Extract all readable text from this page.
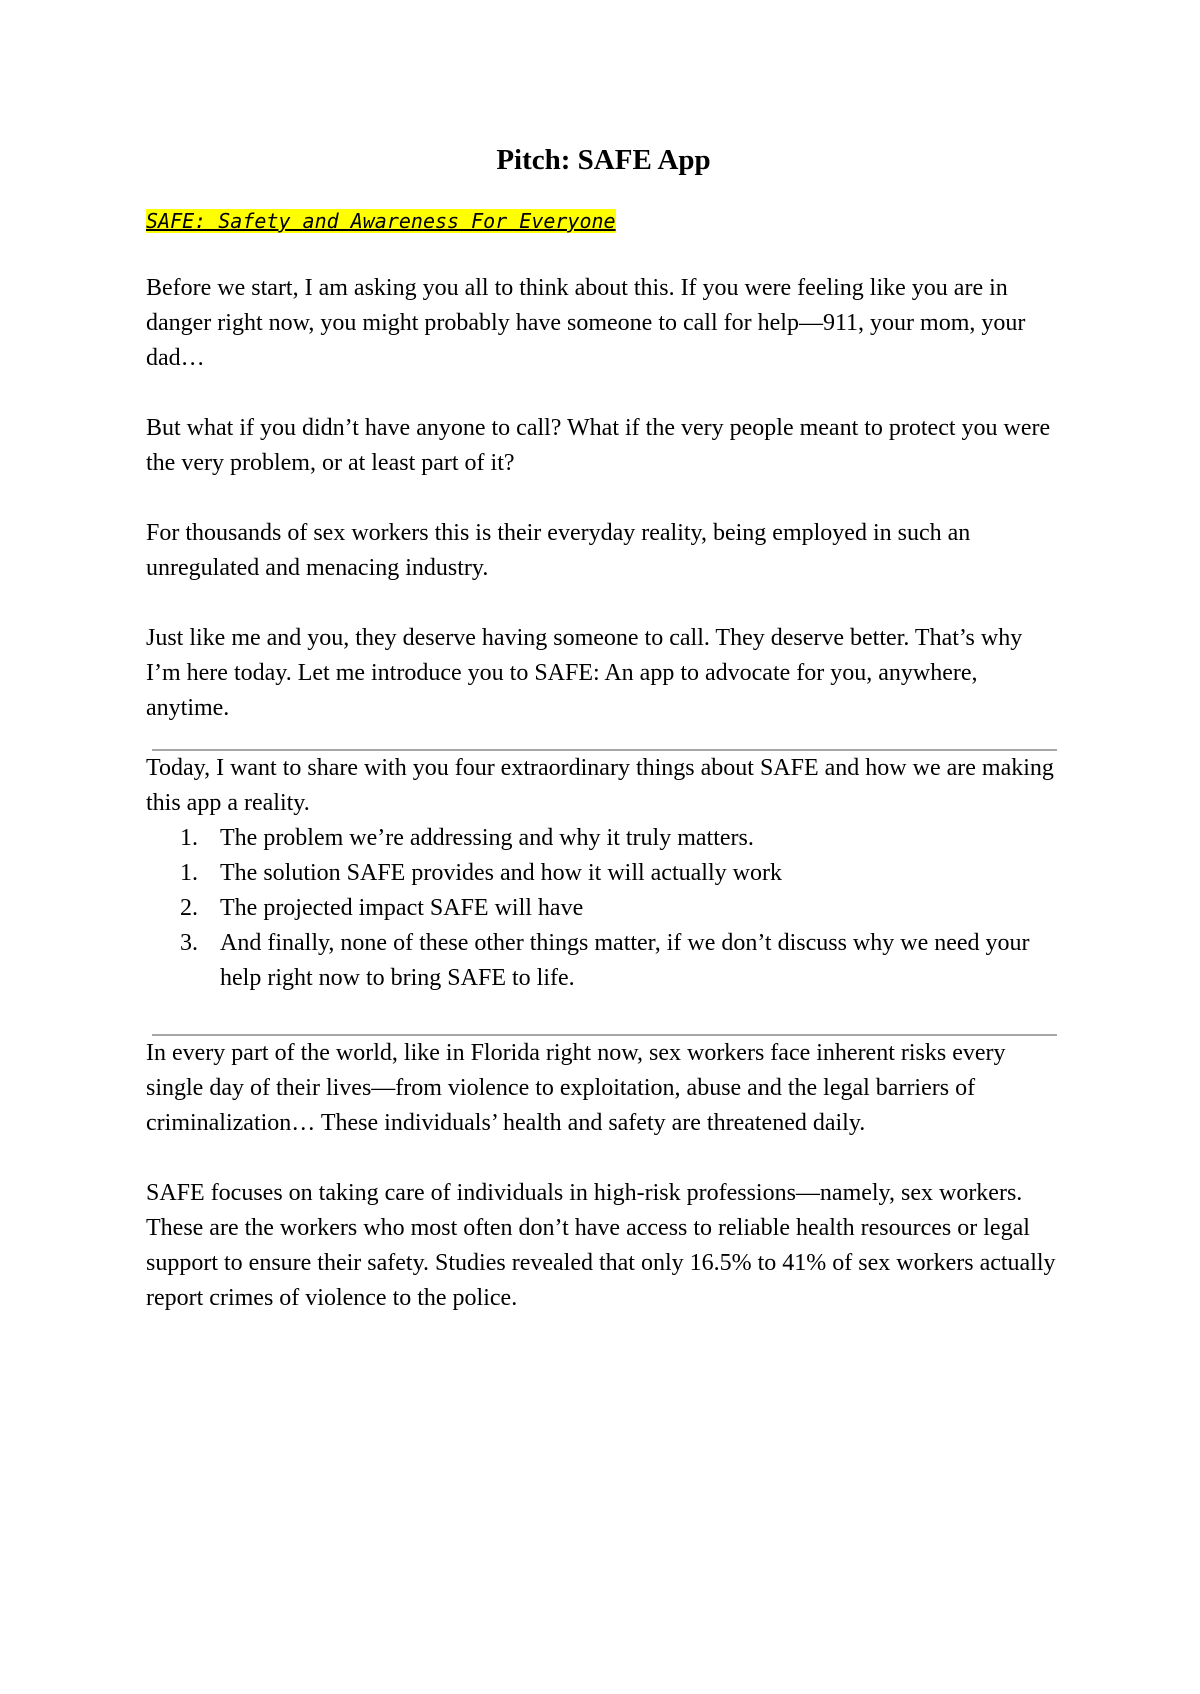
Pitch: SAFE App
SAFE: Safety and Awareness For Everyone

Before we start, I am asking you all to think about this. If you were feeling like you are in danger right now, you might probably have someone to call for help—911, your mom, your dad…

But what if you didn’t have anyone to call? What if the very people meant to protect you were the very problem, or at least part of it?

For thousands of sex workers this is their everyday reality, being employed in such an unregulated and menacing industry.

Just like me and you, they deserve having someone to call. They deserve better. That’s why I’m here today. Let me introduce you to SAFE: An app to advocate for you, anywhere, anytime.

Today, I want to share with you four extraordinary things about SAFE and how we are making this app a reality.

1. The problem we’re addressing and why it truly matters.
1. The solution SAFE provides and how it will actually work
2. The projected impact SAFE will have
3. And finally, none of these other things matter, if we don’t discuss why we need your help right now to bring SAFE to life.

In every part of the world, like in Florida right now, sex workers face inherent risks every single day of their lives—from violence to exploitation, abuse and the legal barriers of criminalization… These individuals’ health and safety are threatened daily.

SAFE focuses on taking care of individuals in high-risk professions—namely, sex workers. These are the workers who most often don’t have access to reliable health resources or legal support to ensure their safety. Studies revealed that only 16.5% to 41% of sex workers actually report crimes of violence to the police.
